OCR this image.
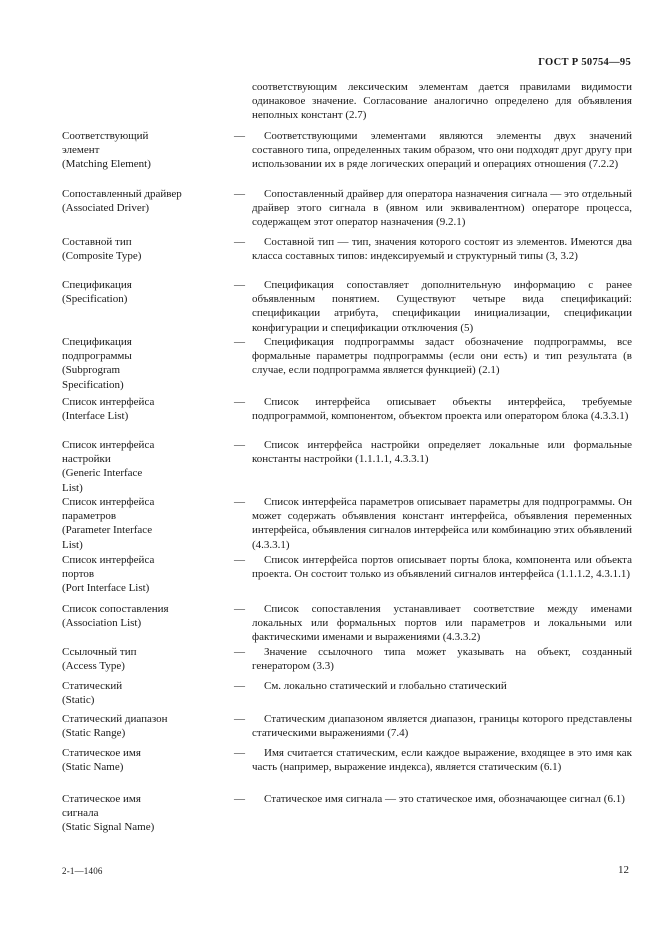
ГОСТ Р 50754—95
соответствующим лексическим элементам дается правилами видимости одинаковое значение. Согласование аналогично определено для объявления неполных констант (2.7)
Соответствующий
элемент
(Matching Element)
—	Соответствующими элементами являются элементы двух значений составного типа, определенных таким образом, что они подходят друг другу при использовании их в ряде логических операций и операциях отношения (7.2.2)
Сопоставленный драйвер
(Associated Driver)
—	Сопоставленный драйвер для оператора назначения сигнала — это отдельный драйвер этого сигнала в (явном или эквивалентном) операторе процесса, содержащем этот оператор назначения (9.2.1)
Составной тип
(Composite Type)
—	Составной тип — тип, значения которого состоят из элементов. Имеются два класса составных типов: индексируемый и структурный типы (3, 3.2)
Спецификация
(Specification)
—	Спецификация сопоставляет дополнительную информацию с ранее объявленным понятием. Существуют четыре вида спецификаций: спецификации атрибута, спецификации инициализации, спецификации конфигурации и спецификации отключения (5)
Спецификация
подпрограммы
(Subprogram
Specification)
—	Спецификация подпрограммы задаст обозначение подпрограммы, все формальные параметры подпрограммы (если они есть) и тип результата (в случае, если подпрограмма является функцией) (2.1)
Список интерфейса
(Interface List)
—	Список интерфейса описывает объекты интерфейса, требуемые подпрограммой, компонентом, объектом проекта или оператором блока (4.3.3.1)
Список интерфейса
настройки
(Generic Interface
List)
—	Список интерфейса настройки определяет локальные или формальные константы настройки (1.1.1.1, 4.3.3.1)
Список интерфейса
параметров
(Parameter Interface
List)
—	Список интерфейса параметров описывает параметры для подпрограммы. Он может содержать объявления констант интерфейса, объявления переменных интерфейса, объявления сигналов интерфейса или комбинацию этих объявлений (4.3.3.1)
Список интерфейса
портов
(Port Interface List)
—	Список интерфейса портов описывает порты блока, компонента или объекта проекта. Он состоит только из объявлений сигналов интерфейса (1.1.1.2, 4.3.1.1)
Список сопоставления
(Association List)
—	Список сопоставления устанавливает соответствие между именами локальных или формальных портов или параметров и локальными или фактическими именами и выражениями (4.3.3.2)
Ссылочный тип
(Access Type)
—	Значение ссылочного типа может указывать на объект, созданный генератором (3.3)
Статический
(Static)
—	См. локально статический и глобально статический
Статический диапазон
(Static Range)
—	Статическим диапазоном является диапазон, границы которого представлены статическими выражениями (7.4)
Статическое имя
(Static Name)
—	Имя считается статическим, если каждое выражение, входящее в это имя как часть (например, выражение индекса), является статическим (6.1)
Статическое имя
сигнала
(Static Signal Name)
—	Статическое имя сигнала — это статическое имя, обозначающее сигнал (6.1)
2-1—1406	12
